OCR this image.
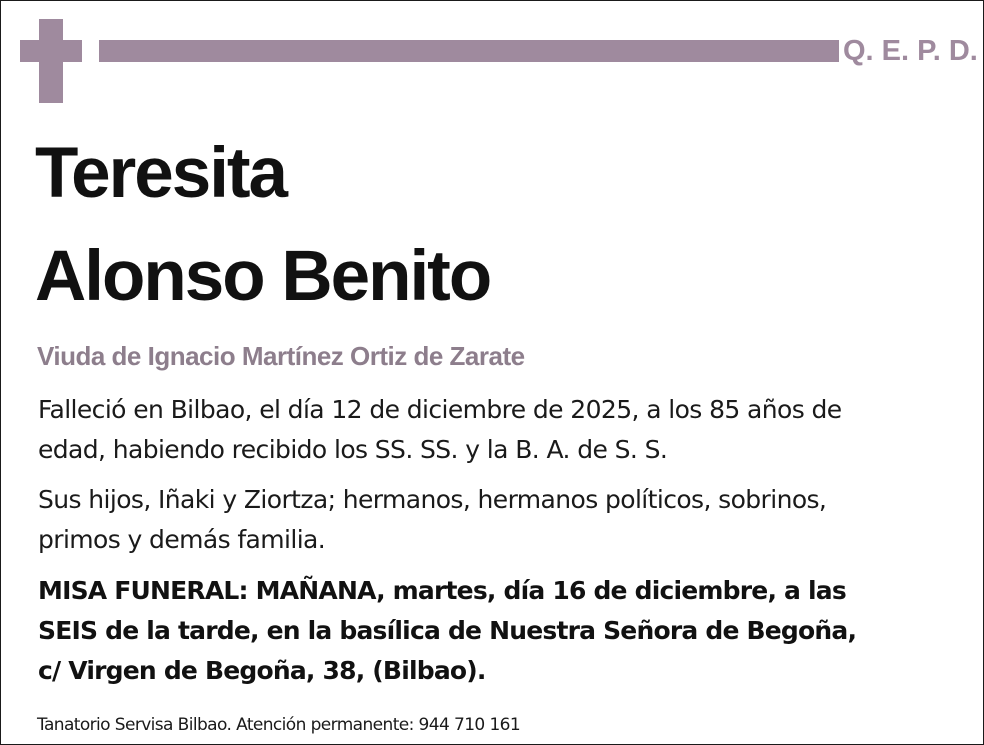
Q. E. P. D.
Teresita
Alonso Benito
Viuda de Ignacio Martínez Ortiz de Zarate
Falleció en Bilbao, el día 12 de diciembre de 2025, a los 85 años de
edad, habiendo recibido los SS. SS. y la B. A. de S. S.
Sus hijos, Iñaki y Ziortza; hermanos, hermanos políticos, sobrinos,
primos y demás familia.
MISA FUNERAL: MAÑANA, martes, día 16 de diciembre, a las
SEIS de la tarde, en la basílica de Nuestra Señora de Begoña,
c/ Virgen de Begoña, 38, (Bilbao).
Tanatorio Servisa Bilbao. Atención permanente: 944 710 161
